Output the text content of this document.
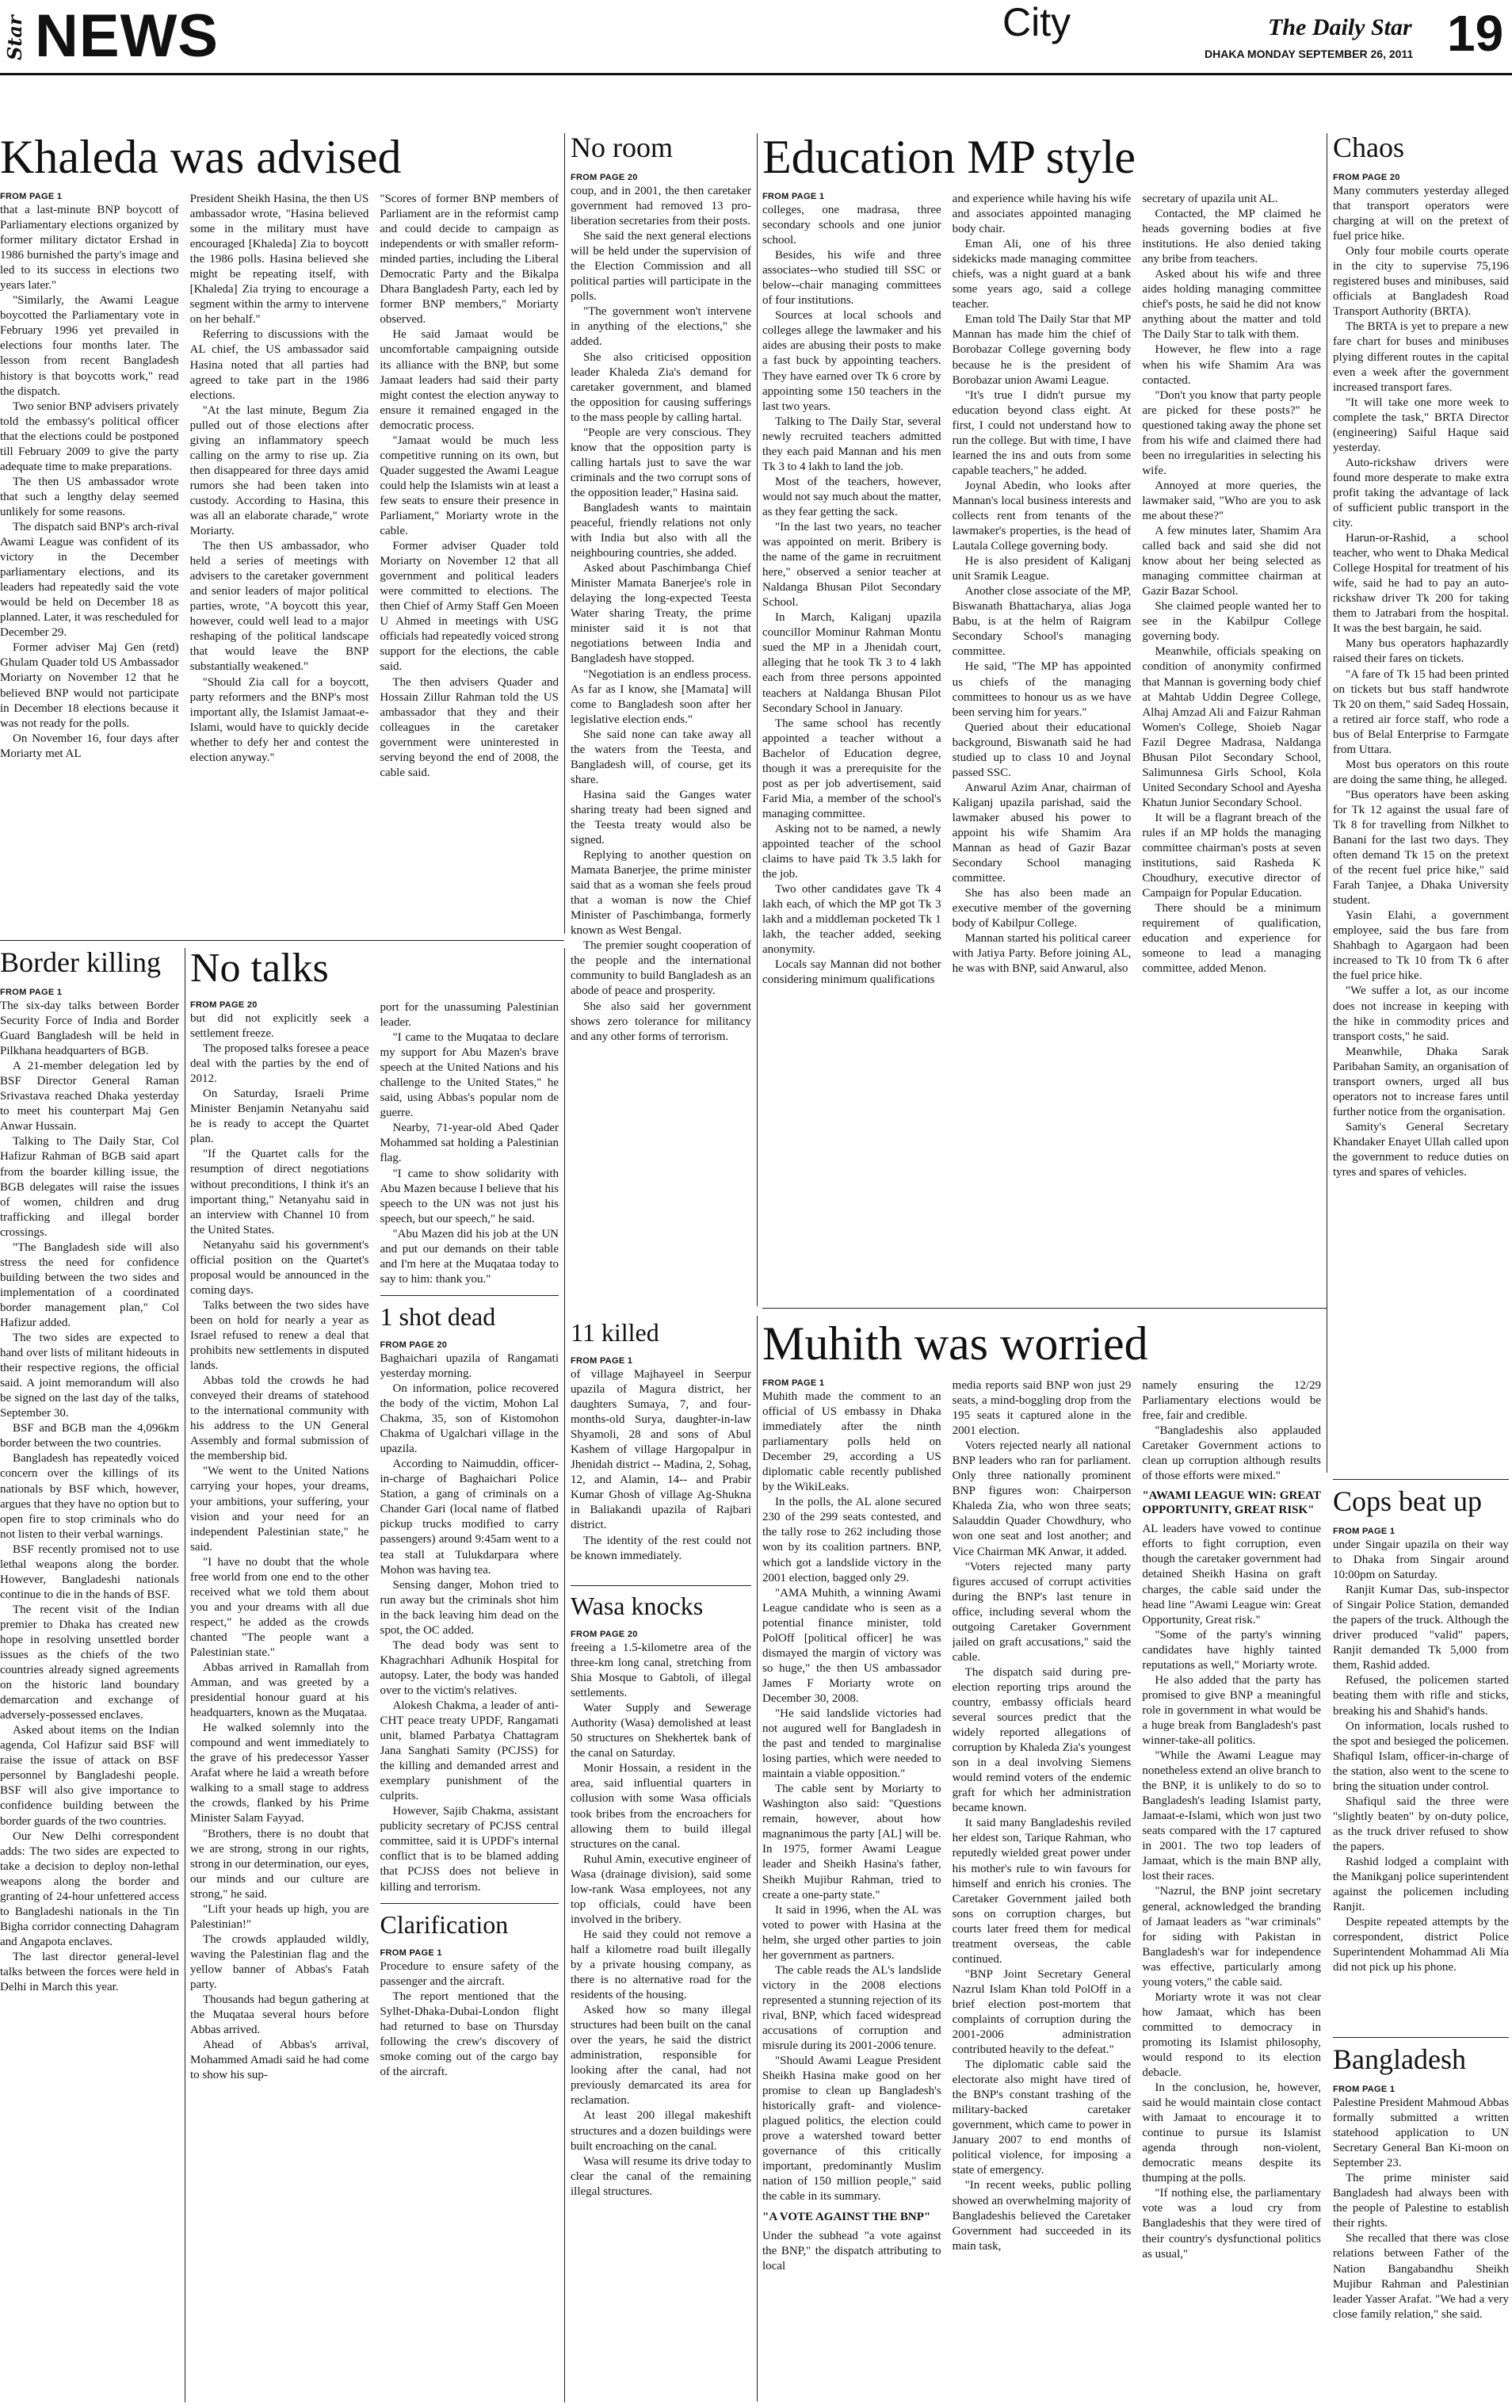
Star NEWS	City	The Daily Star
DHAKA MONDAY SEPTEMBER 26, 2011 19
Khaleda was advised
FROM PAGE 1

that a last-minute BNP boycott of Parliamentary elections organized by former military dictator Ershad in 1986 burnished the party's image and led to its success in elections two years later."

"Similarly, the Awami League boycotted the Parliamentary vote in February 1996 yet prevailed in elections four months later. The lesson from recent Bangladesh history is that boycotts work," read the dispatch.

Two senior BNP advisers privately told the embassy's political officer that the elections could be postponed till February 2009 to give the party adequate time to make preparations.

The then US ambassador wrote that such a lengthy delay seemed unlikely for some reasons.

The dispatch said BNP's arch-rival Awami League was confident of its victory in the December parliamentary elections, and its leaders had repeatedly said the vote would be held on December 18 as planned. Later, it was rescheduled for December 29.

Former adviser Maj Gen (retd) Ghulam Quader told US Ambassador Moriarty on November 12 that he believed BNP would not participate in December 18 elections because it was not ready for the polls.

On November 16, four days after Moriarty met AL

President Sheikh Hasina, the then US ambassador wrote, "Hasina believed some in the military must have encouraged [Khaleda] Zia to boycott the 1986 polls. Hasina believed she might be repeating itself, with [Khaleda] Zia trying to encourage a segment within the army to intervene on her behalf."

Referring to discussions with the AL chief, the US ambassador said Hasina noted that all parties had agreed to take part in the 1986 elections.

"At the last minute, Begum Zia pulled out of those elections after giving an inflammatory speech calling on the army to rise up. Zia then disappeared for three days amid rumors she had been taken into custody. According to Hasina, this was all an elaborate charade," wrote Moriarty.

The then US ambassador, who held a series of meetings with advisers to the caretaker government and senior leaders of major political parties, wrote, "A boycott this year, however, could well lead to a major reshaping of the political landscape that would leave the BNP substantially weakened."

"Should Zia call for a boycott, party reformers and the BNP's most important ally, the Islamist Jamaat-e-Islami, would have to quickly decide whether to defy her and contest the election anyway."

"Scores of former BNP members of Parliament are in the reformist camp and could decide to campaign as independents or with smaller reform-minded parties, including the Liberal Democratic Party and the Bikalpa Dhara Bangladesh Party, each led by former BNP members," Moriarty observed.

He said Jamaat would be uncomfortable campaigning outside its alliance with the BNP, but some Jamaat leaders had said their party might contest the election anyway to ensure it remained engaged in the democratic process.

"Jamaat would be much less competitive running on its own, but Quader suggested the Awami League could help the Islamists win at least a few seats to ensure their presence in Parliament," Moriarty wrote in the cable.

Former adviser Quader told Moriarty on November 12 that all government and political leaders were committed to elections. The then Chief of Army Staff Gen Moeen U Ahmed in meetings with USG officials had repeatedly voiced strong support for the elections, the cable said.

The then advisers Quader and Hossain Zillur Rahman told the US ambassador that they and their colleagues in the caretaker government were uninterested in serving beyond the end of 2008, the cable said.

No room
FROM PAGE 20

coup, and in 2001, the then caretaker government had removed 13 pro-liberation secretaries from their posts.

She said the next general elections will be held under the supervision of the Election Commission and all political parties will participate in the polls.

"The government won't intervene in anything of the elections," she added.

She also criticised opposition leader Khaleda Zia's demand for caretaker government, and blamed the opposition for causing sufferings to the mass people by calling hartal.

"People are very conscious. They know that the opposition party is calling hartals just to save the war criminals and the two corrupt sons of the opposition leader," Hasina said.

Bangladesh wants to maintain peaceful, friendly relations not only with India but also with all the neighbouring countries, she added.

Asked about Paschimbanga Chief Minister Mamata Banerjee's role in delaying the long-expected Teesta Water sharing Treaty, the prime minister said it is not that negotiations between India and Bangladesh have stopped.

"Negotiation is an endless process. As far as I know, she [Mamata] will come to Bangladesh soon after her legislative election ends."

She said none can take away all the waters from the Teesta, and Bangladesh will, of course, get its share.

Hasina said the Ganges water sharing treaty had been signed and the Teesta treaty would also be signed.

Replying to another question on Mamata Banerjee, the prime minister said that as a woman she feels proud that a woman is now the Chief Minister of Paschimbanga, formerly known as West Bengal.

The premier sought cooperation of the people and the international community to build Bangladesh as an abode of peace and prosperity.

She also said her government shows zero tolerance for militancy and any other forms of terrorism.

Education MP style
FROM PAGE 1

colleges, one madrasa, three secondary schools and one junior school.

Besides, his wife and three associates--who studied till SSC or below--chair managing committees of four institutions.

Sources at local schools and colleges allege the lawmaker and his aides are abusing their posts to make a fast buck by appointing teachers. They have earned over Tk 6 crore by appointing some 150 teachers in the last two years.

Talking to The Daily Star, several newly recruited teachers admitted they each paid Mannan and his men Tk 3 to 4 lakh to land the job.

Most of the teachers, however, would not say much about the matter, as they fear getting the sack.

"In the last two years, no teacher was appointed on merit. Bribery is the name of the game in recruitment here," observed a senior teacher at Naldanga Bhusan Pilot Secondary School.

In March, Kaliganj upazila councillor Mominur Rahman Montu sued the MP in a Jhenidah court, alleging that he took Tk 3 to 4 lakh each from three persons appointed teachers at Naldanga Bhusan Pilot Secondary School in January.

The same school has recently appointed a teacher without a Bachelor of Education degree, though it was a prerequisite for the post as per job advertisement, said Farid Mia, a member of the school's managing committee.

Asking not to be named, a newly appointed teacher of the school claims to have paid Tk 3.5 lakh for the job.

Two other candidates gave Tk 4 lakh each, of which the MP got Tk 3 lakh and a middleman pocketed Tk 1 lakh, the teacher added, seeking anonymity.

Locals say Mannan did not bother considering minimum qualifications

and experience while having his wife and associates appointed managing body chair.

Eman Ali, one of his three sidekicks made managing committee chiefs, was a night guard at a bank some years ago, said a college teacher.

Eman told The Daily Star that MP Mannan has made him the chief of Borobazar College governing body because he is the president of Borobazar union Awami League.

"It's true I didn't pursue my education beyond class eight. At first, I could not understand how to run the college. But with time, I have learned the ins and outs from some capable teachers," he added.

Joynal Abedin, who looks after Mannan's local business interests and collects rent from tenants of the lawmaker's properties, is the head of Lautala College governing body.

He is also president of Kaliganj unit Sramik League.

Another close associate of the MP, Biswanath Bhattacharya, alias Joga Babu, is at the helm of Raigram Secondary School's managing committee.

He said, "The MP has appointed us chiefs of the managing committees to honour us as we have been serving him for years."

Queried about their educational background, Biswanath said he had studied up to class 10 and Joynal passed SSC.

Anwarul Azim Anar, chairman of Kaliganj upazila parishad, said the lawmaker abused his power to appoint his wife Shamim Ara Mannan as head of Gazir Bazar Secondary School managing committee.

She has also been made an executive member of the governing body of Kabilpur College.

Mannan started his political career with Jatiya Party. Before joining AL, he was with BNP, said Anwarul, also

secretary of upazila unit AL.

Contacted, the MP claimed he heads governing bodies at five institutions. He also denied taking any bribe from teachers.

Asked about his wife and three aides holding managing committee chief's posts, he said he did not know anything about the matter and told The Daily Star to talk with them.

However, he flew into a rage when his wife Shamim Ara was contacted.

"Don't you know that party people are picked for these posts?" he questioned taking away the phone set from his wife and claimed there had been no irregularities in selecting his wife.

Annoyed at more queries, the lawmaker said, "Who are you to ask me about these?"

A few minutes later, Shamim Ara called back and said she did not know about her being selected as managing committee chairman at Gazir Bazar School.

She claimed people wanted her to see in the Kabilpur College governing body.

Meanwhile, officials speaking on condition of anonymity confirmed that Mannan is governing body chief at Mahtab Uddin Degree College, Alhaj Amzad Ali and Faizur Rahman Women's College, Shoieb Nagar Fazil Degree Madrasa, Naldanga Bhusan Pilot Secondary School, Salimunnesa Girls School, Kola United Secondary School and Ayesha Khatun Junior Secondary School.

It will be a flagrant breach of the rules if an MP holds the managing committee chairman's posts at seven institutions, said Rasheda K Choudhury, executive director of Campaign for Popular Education.

There should be a minimum requirement of qualification, education and experience for someone to lead a managing committee, added Menon.

Chaos
FROM PAGE 20

Many commuters yesterday alleged that transport operators were charging at will on the pretext of fuel price hike.

Only four mobile courts operate in the city to supervise 75,196 registered buses and minibuses, said officials at Bangladesh Road Transport Authority (BRTA).

The BRTA is yet to prepare a new fare chart for buses and minibuses plying different routes in the capital even a week after the government increased transport fares.

"It will take one more week to complete the task," BRTA Director (engineering) Saiful Haque said yesterday.

Auto-rickshaw drivers were found more desperate to make extra profit taking the advantage of lack of sufficient public transport in the city.

Harun-or-Rashid, a school teacher, who went to Dhaka Medical College Hospital for treatment of his wife, said he had to pay an auto-rickshaw driver Tk 200 for taking them to Jatrabari from the hospital. It was the best bargain, he said.

Many bus operators haphazardly raised their fares on tickets.

"A fare of Tk 15 had been printed on tickets but bus staff handwrote Tk 20 on them," said Sadeq Hossain, a retired air force staff, who rode a bus of Belal Enterprise to Farmgate from Uttara.

Most bus operators on this route are doing the same thing, he alleged.

"Bus operators have been asking for Tk 12 against the usual fare of Tk 8 for travelling from Nilkhet to Banani for the last two days. They often demand Tk 15 on the pretext of the recent fuel price hike," said Farah Tanjee, a Dhaka University student.

Yasin Elahi, a government employee, said the bus fare from Shahbagh to Agargaon had been increased to Tk 10 from Tk 6 after the fuel price hike.

"We suffer a lot, as our income does not increase in keeping with the hike in commodity prices and transport costs," he said.

Meanwhile, Dhaka Sarak Paribahan Samity, an organisation of transport owners, urged all bus operators not to increase fares until further notice from the organisation.

Samity's General Secretary Khandaker Enayet Ullah called upon the government to reduce duties on tyres and spares of vehicles.

Border killing
FROM PAGE 1

The six-day talks between Border Security Force of India and Border Guard Bangladesh will be held in Pilkhana headquarters of BGB.

A 21-member delegation led by BSF Director General Raman Srivastava reached Dhaka yesterday to meet his counterpart Maj Gen Anwar Hussain.

Talking to The Daily Star, Col Hafizur Rahman of BGB said apart from the boarder killing issue, the BGB delegates will raise the issues of women, children and drug trafficking and illegal border crossings.

"The Bangladesh side will also stress the need for confidence building between the two sides and implementation of a coordinated border management plan," Col Hafizur added.

The two sides are expected to hand over lists of militant hideouts in their respective regions, the official said. A joint memorandum will also be signed on the last day of the talks, September 30.

BSF and BGB man the 4,096km border between the two countries.

Bangladesh has repeatedly voiced concern over the killings of its nationals by BSF which, however, argues that they have no option but to open fire to stop criminals who do not listen to their verbal warnings.

BSF recently promised not to use lethal weapons along the border. However, Bangladeshi nationals continue to die in the hands of BSF.

The recent visit of the Indian premier to Dhaka has created new hope in resolving unsettled border issues as the chiefs of the two countries already signed agreements on the historic land boundary demarcation and exchange of adversely-possessed enclaves.

Asked about items on the Indian agenda, Col Hafizur said BSF will raise the issue of attack on BSF personnel by Bangladeshi people. BSF will also give importance to confidence building between the border guards of the two countries.

Our New Delhi correspondent adds: The two sides are expected to take a decision to deploy non-lethal weapons along the border and granting of 24-hour unfettered access to Bangladeshi nationals in the Tin Bigha corridor connecting Dahagram and Angapota enclaves.

The last director general-level talks between the forces were held in Delhi in March this year.

No talks
FROM PAGE 20

but did not explicitly seek a settlement freeze.

The proposed talks foresee a peace deal with the parties by the end of 2012.

On Saturday, Israeli Prime Minister Benjamin Netanyahu said he is ready to accept the Quartet plan.

"If the Quartet calls for the resumption of direct negotiations without preconditions, I think it's an important thing," Netanyahu said in an interview with Channel 10 from the United States.

Netanyahu said his government's official position on the Quartet's proposal would be announced in the coming days.

Talks between the two sides have been on hold for nearly a year as Israel refused to renew a deal that prohibits new settlements in disputed lands.

Abbas told the crowds he had conveyed their dreams of statehood to the international community with his address to the UN General Assembly and formal submission of the membership bid.

"We went to the United Nations carrying your hopes, your dreams, your ambitions, your suffering, your vision and your need for an independent Palestinian state," he said.

"I have no doubt that the whole free world from one end to the other received what we told them about you and your dreams with all due respect," he added as the crowds chanted "The people want a Palestinian state."

Abbas arrived in Ramallah from Amman, and was greeted by a presidential honour guard at his headquarters, known as the Muqataa.

He walked solemnly into the compound and went immediately to the grave of his predecessor Yasser Arafat where he laid a wreath before walking to a small stage to address the crowds, flanked by his Prime Minister Salam Fayyad.

"Brothers, there is no doubt that we are strong, strong in our rights, strong in our determination, our eyes, our minds and our culture are strong," he said.

"Lift your heads up high, you are Palestinian!"

The crowds applauded wildly, waving the Palestinian flag and the yellow banner of Abbas's Fatah party.

Thousands had begun gathering at the Muqataa several hours before Abbas arrived.

Ahead of Abbas's arrival, Mohammed Amadi said he had come to show his sup-

port for the unassuming Palestinian leader.

"I came to the Muqataa to declare my support for Abu Mazen's brave speech at the United Nations and his challenge to the United States," he said, using Abbas's popular nom de guerre.

Nearby, 71-year-old Abed Qader Mohammed sat holding a Palestinian flag.

"I came to show solidarity with Abu Mazen because I believe that his speech to the UN was not just his speech, but our speech," he said.

"Abu Mazen did his job at the UN and put our demands on their table and I'm here at the Muqataa today to say to him: thank you."

1 shot dead
FROM PAGE 20

Baghaichari upazila of Rangamati yesterday morning.

On information, police recovered the body of the victim, Mohon Lal Chakma, 35, son of Kistomohon Chakma of Ugalchari village in the upazila.

According to Naimuddin, officer-in-charge of Baghaichari Police Station, a gang of criminals on a Chander Gari (local name of flatbed pickup trucks modified to carry passengers) around 9:45am went to a tea stall at Tulukdarpara where Mohon was having tea.

Sensing danger, Mohon tried to run away but the criminals shot him in the back leaving him dead on the spot, the OC added.

The dead body was sent to Khagrachhari Adhunik Hospital for autopsy. Later, the body was handed over to the victim's relatives.

Alokesh Chakma, a leader of anti-CHT peace treaty UPDF, Rangamati unit, blamed Parbatya Chattagram Jana Sanghati Samity (PCJSS) for the killing and demanded arrest and exemplary punishment of the culprits.

However, Sajib Chakma, assistant publicity secretary of PCJSS central committee, said it is UPDF's internal conflict that is to be blamed adding that PCJSS does not believe in killing and terrorism.

Clarification
FROM PAGE 1

Procedure to ensure safety of the passenger and the aircraft.

The report mentioned that the Sylhet-Dhaka-Dubai-London flight had returned to base on Thursday following the crew's discovery of smoke coming out of the cargo bay of the aircraft.

11 killed
FROM PAGE 1

of village Majhayeel in Seerpur upazila of Magura district, her daughters Sumaya, 7, and four-months-old Surya, daughter-in-law Shyamoli, 28 and sons of Abul Kashem of village Hargopalpur in Jhenidah district -- Madina, 2, Sohag, 12, and Alamin, 14-- and Prabir Kumar Ghosh of village Ag-Shukna in Baliakandi upazila of Rajbari district.

The identity of the rest could not be known immediately.

Wasa knocks
FROM PAGE 20

freeing a 1.5-kilometre area of the three-km long canal, stretching from Shia Mosque to Gabtoli, of illegal settlements.

Water Supply and Sewerage Authority (Wasa) demolished at least 50 structures on Shekhertek bank of the canal on Saturday.

Monir Hossain, a resident in the area, said influential quarters in collusion with some Wasa officials took bribes from the encroachers for allowing them to build illegal structures on the canal.

Ruhul Amin, executive engineer of Wasa (drainage division), said some low-rank Wasa employees, not any top officials, could have been involved in the bribery.

He said they could not remove a half a kilometre road built illegally by a private housing company, as there is no alternative road for the residents of the housing.

Asked how so many illegal structures had been built on the canal over the years, he said the district administration, responsible for looking after the canal, had not previously demarcated its area for reclamation.

At least 200 illegal makeshift structures and a dozen buildings were built encroaching on the canal.

Wasa will resume its drive today to clear the canal of the remaining illegal structures.

Muhith was worried
FROM PAGE 1

Muhith made the comment to an official of US embassy in Dhaka immediately after the ninth parliamentary polls held on December 29, according a US diplomatic cable recently published by the WikiLeaks.

In the polls, the AL alone secured 230 of the 299 seats contested, and the tally rose to 262 including those won by its coalition partners. BNP, which got a landslide victory in the 2001 election, bagged only 29.

"AMA Muhith, a winning Awami League candidate who is seen as a potential finance minister, told PolOff [political officer] he was dismayed the margin of victory was so huge," the then US ambassador James F Moriarty wrote on December 30, 2008.

"He said landslide victories had not augured well for Bangladesh in the past and tended to marginalise losing parties, which were needed to maintain a viable opposition."

The cable sent by Moriarty to Washington also said: "Questions remain, however, about how magnanimous the party [AL] will be. In 1975, former Awami League leader and Sheikh Hasina's father, Sheikh Mujibur Rahman, tried to create a one-party state."

It said in 1996, when the AL was voted to power with Hasina at the helm, she urged other parties to join her government as partners.

The cable reads the AL's landslide victory in the 2008 elections represented a stunning rejection of its rival, BNP, which faced widespread accusations of corruption and misrule during its 2001-2006 tenure.

"Should Awami League President Sheikh Hasina make good on her promise to clean up Bangladesh's historically graft- and violence-plagued politics, the election could prove a watershed toward better governance of this critically important, predominantly Muslim nation of 150 million people," said the cable in its summary.

"A VOTE AGAINST THE BNP"

Under the subhead "a vote against the BNP," the dispatch attributing to local

media reports said BNP won just 29 seats, a mind-boggling drop from the 195 seats it captured alone in the 2001 election.

Voters rejected nearly all national BNP leaders who ran for parliament. Only three nationally prominent BNP figures won: Chairperson Khaleda Zia, who won three seats; Salauddin Quader Chowdhury, who won one seat and lost another; and Vice Chairman MK Anwar, it added.

"Voters rejected many party figures accused of corrupt activities during the BNP's last tenure in office, including several whom the outgoing Caretaker Government jailed on graft accusations," said the cable.

The dispatch said during pre-election reporting trips around the country, embassy officials heard several sources predict that the widely reported allegations of corruption by Khaleda Zia's youngest son in a deal involving Siemens would remind voters of the endemic graft for which her administration became known.

It said many Bangladeshis reviled her eldest son, Tarique Rahman, who reputedly wielded great power under his mother's rule to win favours for himself and enrich his cronies. The Caretaker Government jailed both sons on corruption charges, but courts later freed them for medical treatment overseas, the cable continued.

"BNP Joint Secretary General Nazrul Islam Khan told PolOff in a brief election post-mortem that complaints of corruption during the 2001-2006 administration contributed heavily to the defeat."

The diplomatic cable said the electorate also might have tired of the BNP's constant trashing of the military-backed caretaker government, which came to power in January 2007 to end months of political violence, for imposing a state of emergency.

"In recent weeks, public polling showed an overwhelming majority of Bangladeshis believed the Caretaker Government had succeeded in its main task,

namely ensuring the 12/29 Parliamentary elections would be free, fair and credible.

"Bangladeshis also applauded Caretaker Government actions to clean up corruption although results of those efforts were mixed."

"AWAMI LEAGUE WIN: GREAT OPPORTUNITY, GREAT RISK"

AL leaders have vowed to continue efforts to fight corruption, even though the caretaker government had detained Sheikh Hasina on graft charges, the cable said under the head line "Awami League win: Great Opportunity, Great risk."

"Some of the party's winning candidates have highly tainted reputations as well," Moriarty wrote.

He also added that the party has promised to give BNP a meaningful role in government in what would be a huge break from Bangladesh's past winner-take-all politics.

"While the Awami League may nonetheless extend an olive branch to the BNP, it is unlikely to do so to Bangladesh's leading Islamist party, Jamaat-e-Islami, which won just two seats compared with the 17 captured in 2001. The two top leaders of Jamaat, which is the main BNP ally, lost their races.

"Nazrul, the BNP joint secretary general, acknowledged the branding of Jamaat leaders as "war criminals" for siding with Pakistan in Bangladesh's war for independence was effective, particularly among young voters," the cable said.

Moriarty wrote it was not clear how Jamaat, which has been committed to democracy in promoting its Islamist philosophy, would respond to its election debacle.

In the conclusion, he, however, said he would maintain close contact with Jamaat to encourage it to continue to pursue its Islamist agenda through non-violent, democratic means despite its thumping at the polls.

"If nothing else, the parliamentary vote was a loud cry from Bangladeshis that they were tired of their country's dysfunctional politics as usual,"

Cops beat up
FROM PAGE 1

under Singair upazila on their way to Dhaka from Singair around 10:00pm on Saturday.

Ranjit Kumar Das, sub-inspector of Singair Police Station, demanded the papers of the truck. Although the driver produced "valid" papers, Ranjit demanded Tk 5,000 from them, Rashid added.

Refused, the policemen started beating them with rifle and sticks, breaking his and Shahid's hands.

On information, locals rushed to the spot and besieged the policemen. Shafiqul Islam, officer-in-charge of the station, also went to the scene to bring the situation under control.

Shafiqul said the three were "slightly beaten" by on-duty police, as the truck driver refused to show the papers.

Rashid lodged a complaint with the Manikganj police superintendent against the policemen including Ranjit.

Despite repeated attempts by the correspondent, district Police Superintendent Mohammad Ali Mia did not pick up his phone.

Bangladesh
FROM PAGE 1

Palestine President Mahmoud Abbas formally submitted a written statehood application to UN Secretary General Ban Ki-moon on September 23.

The prime minister said Bangladesh had always been with the people of Palestine to establish their rights.

She recalled that there was close relations between Father of the Nation Bangabandhu Sheikh Mujibur Rahman and Palestinian leader Yasser Arafat. "We had a very close family relation," she said.
